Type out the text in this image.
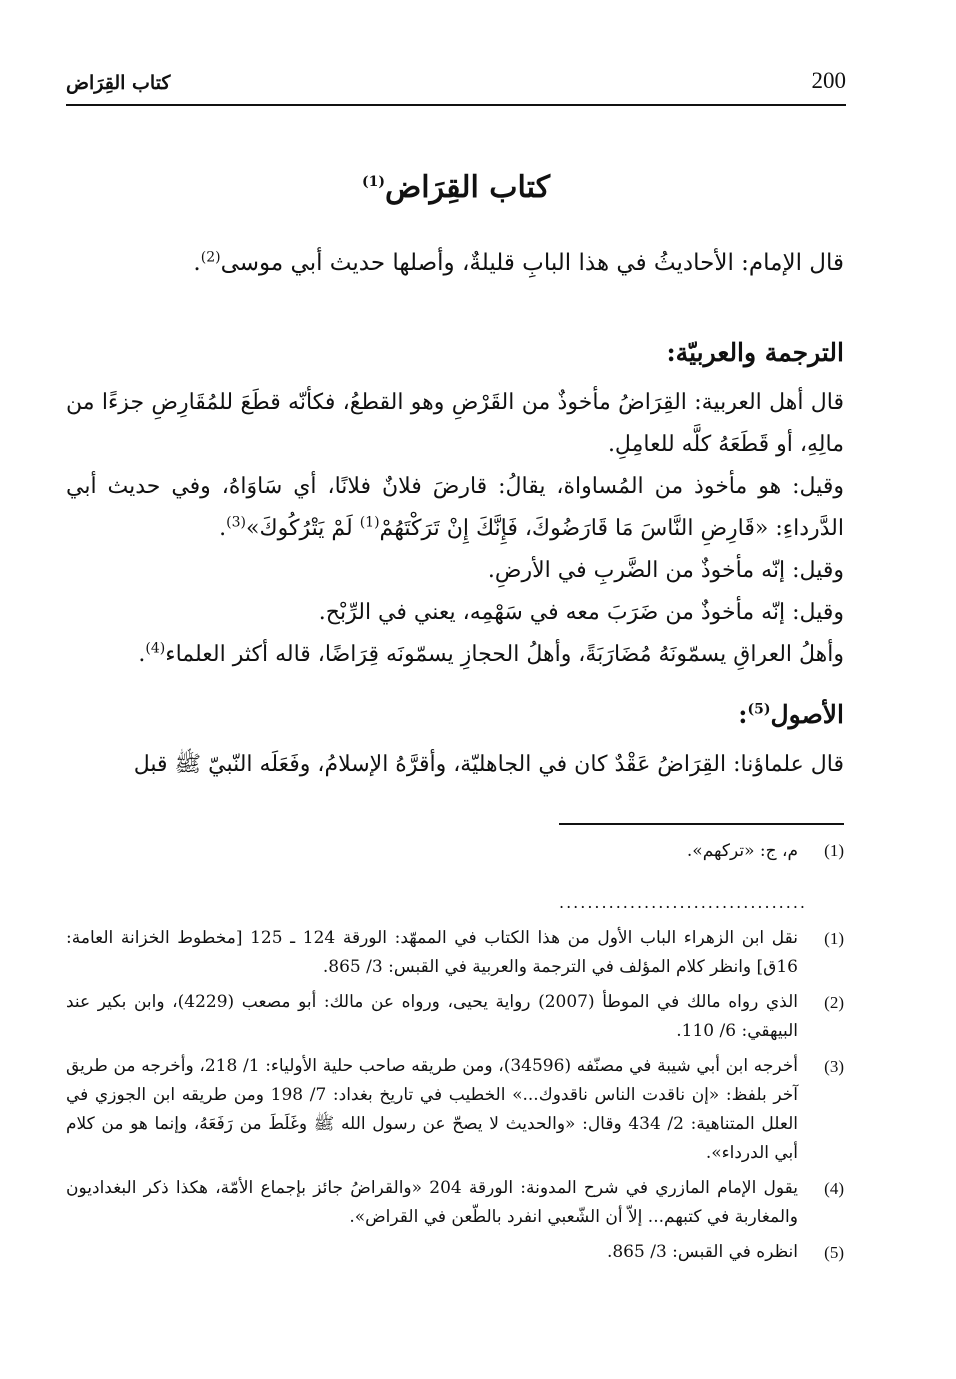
200
كتاب القِرَاض
كتاب القِرَاض$^{(1)}$
قال الإمام: الأحاديثُ في هذا البابِ قليلةٌ، وأصلها حديث أبي موسى$^{(2)}$.
الترجمة والعربيّة:

قال أهل العربية: القِرَاضُ مأخوذٌ من القَرْضِ وهو القطعُ، فكأنّه قطَعَ للمُقَارِضِ جزءًا من مالِهِ، أو قَطَعَهُ كلَّه للعامِلِ.

وقيل: هو مأخوذ من المُساواة، يقالُ: قارضَ فلانٌ فلانًا، أي سَاوَاهُ، وفي حديث أبي الدَّرداءِ: «قَارِضِ النَّاسَ مَا قَارَضُوكَ، فَإِنَّكَ إِنْ تَرَكْتَهُمْ$^{(1)}$ لَمْ يَتْرُكُوكَ»$^{(3)}$.

وقيل: إنّه مأخوذٌ من الضَّربِ في الأرضِ.

وقيل: إنّه مأخوذٌ من ضَرَبَ معه في سَهْمِه، يعني في الرِّبْح.

وأهلُ العراقِ يسمّونَهُ مُضَارَبَةً، وأهلُ الحجازِ يسمّونَه قِرَاضًا، قاله أكثر العلماء$^{(4)}$.

الأصول$^{(5)}$:

قال علماؤنا: القِرَاضُ عَقْدٌ كان في الجاهليّة، وأقرَّهُ الإسلامُ، وفَعَلَه النّبيّ ﷺ قبل

(1)
م، ج: «تركهم».
...................................
(1)
نقل ابن الزهراء الباب الأول من هذا الكتاب في الممهّد: الورقة 124 ـ 125 [مخطوط الخزانة العامة: 16ق] وانظر كلام المؤلف في الترجمة والعربية في القبس: 3/ 865.
(2)
الذي رواه مالك في الموطأ (2007) رواية يحيى، ورواه عن مالك: أبو مصعب (4229)، وابن بكير عند البيهقي: 6/ 110.
(3)
أخرجه ابن أبي شيبة في مصنّفه (34596)، ومن طريقه صاحب حلية الأولياء: 1/ 218، وأخرجه من طريق آخر بلفظ: «إن ناقدت الناس ناقدوك...» الخطيب في تاريخ بغداد: 7/ 198 ومن طريقه ابن الجوزي في العلل المتناهية: 2/ 434 وقال: «والحديث لا يصحّ عن رسول الله ﷺ وغَلَطَ من رَفَعَهُ، وإنما هو من كلام أبي الدرداء».
(4)
يقول الإمام المازري في شرح المدونة: الورقة 204 «والقراضُ جائز بإجماع الأمّة، هكذا ذكر البغداديون والمغاربة في كتبهم... إلاّ أن الشّعبي انفرد بالطّعن في القراض».
(5)
انظره في القبس: 3/ 865.
